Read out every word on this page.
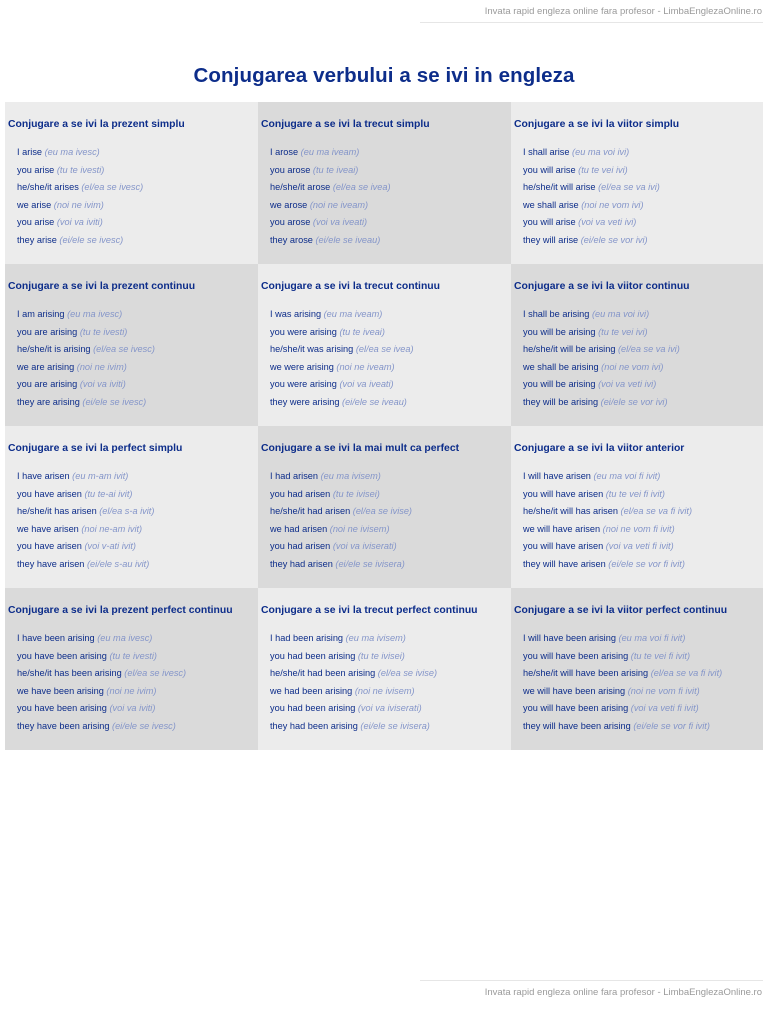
Invata rapid engleza online fara profesor - LimbaEnglezaOnline.ro
Conjugarea verbului a se ivi in engleza
Conjugare a se ivi la prezent simplu
I arise (eu ma ivesc)
you arise (tu te ivesti)
he/she/it arises (el/ea se ivesc)
we arise (noi ne ivim)
you arise (voi va iviti)
they arise (ei/ele se ivesc)
Conjugare a se ivi la trecut simplu
I arose (eu ma iveam)
you arose (tu te iveai)
he/she/it arose (el/ea se ivea)
we arose (noi ne iveam)
you arose (voi va iveati)
they arose (ei/ele se iveau)
Conjugare a se ivi la viitor simplu
I shall arise (eu ma voi ivi)
you will arise (tu te vei ivi)
he/she/it will arise (el/ea se va ivi)
we shall arise (noi ne vom ivi)
you will arise (voi va veti ivi)
they will arise (ei/ele se vor ivi)
Conjugare a se ivi la prezent continuu
I am arising (eu ma ivesc)
you are arising (tu te ivesti)
he/she/it is arising (el/ea se ivesc)
we are arising (noi ne ivim)
you are arising (voi va iviti)
they are arising (ei/ele se ivesc)
Conjugare a se ivi la trecut continuu
I was arising (eu ma iveam)
you were arising (tu te iveai)
he/she/it was arising (el/ea se ivea)
we were arising (noi ne iveam)
you were arising (voi va iveati)
they were arising (ei/ele se iveau)
Conjugare a se ivi la viitor continuu
I shall be arising (eu ma voi ivi)
you will be arising (tu te vei ivi)
he/she/it will be arising (el/ea se va ivi)
we shall be arising (noi ne vom ivi)
you will be arising (voi va veti ivi)
they will be arising (ei/ele se vor ivi)
Conjugare a se ivi la perfect simplu
I have arisen (eu m-am ivit)
you have arisen (tu te-ai ivit)
he/she/it has arisen (el/ea s-a ivit)
we have arisen (noi ne-am ivit)
you have arisen (voi v-ati ivit)
they have arisen (ei/ele s-au ivit)
Conjugare a se ivi la mai mult ca perfect
I had arisen (eu ma ivisem)
you had arisen (tu te ivisei)
he/she/it had arisen (el/ea se ivise)
we had arisen (noi ne ivisem)
you had arisen (voi va iviserati)
they had arisen (ei/ele se ivisera)
Conjugare a se ivi la viitor anterior
I will have arisen (eu ma voi fi ivit)
you will have arisen (tu te vei fi ivit)
he/she/it will has arisen (el/ea se va fi ivit)
we will have arisen (noi ne vom fi ivit)
you will have arisen (voi va veti fi ivit)
they will have arisen (ei/ele se vor fi ivit)
Conjugare a se ivi la prezent perfect continuu
I have been arising (eu ma ivesc)
you have been arising (tu te ivesti)
he/she/it has been arising (el/ea se ivesc)
we have been arising (noi ne ivim)
you have been arising (voi va iviti)
they have been arising (ei/ele se ivesc)
Conjugare a se ivi la trecut perfect continuu
I had been arising (eu ma ivisem)
you had been arising (tu te ivisei)
he/she/it had been arising (el/ea se ivise)
we had been arising (noi ne ivisem)
you had been arising (voi va iviserati)
they had been arising (ei/ele se ivisera)
Conjugare a se ivi la viitor perfect continuu
I will have been arising (eu ma voi fi ivit)
you will have been arising (tu te vei fi ivit)
he/she/it will have been arising (el/ea se va fi ivit)
we will have been arising (noi ne vom fi ivit)
you will have been arising (voi va veti fi ivit)
they will have been arising (ei/ele se vor fi ivit)
Invata rapid engleza online fara profesor - LimbaEnglezaOnline.ro
